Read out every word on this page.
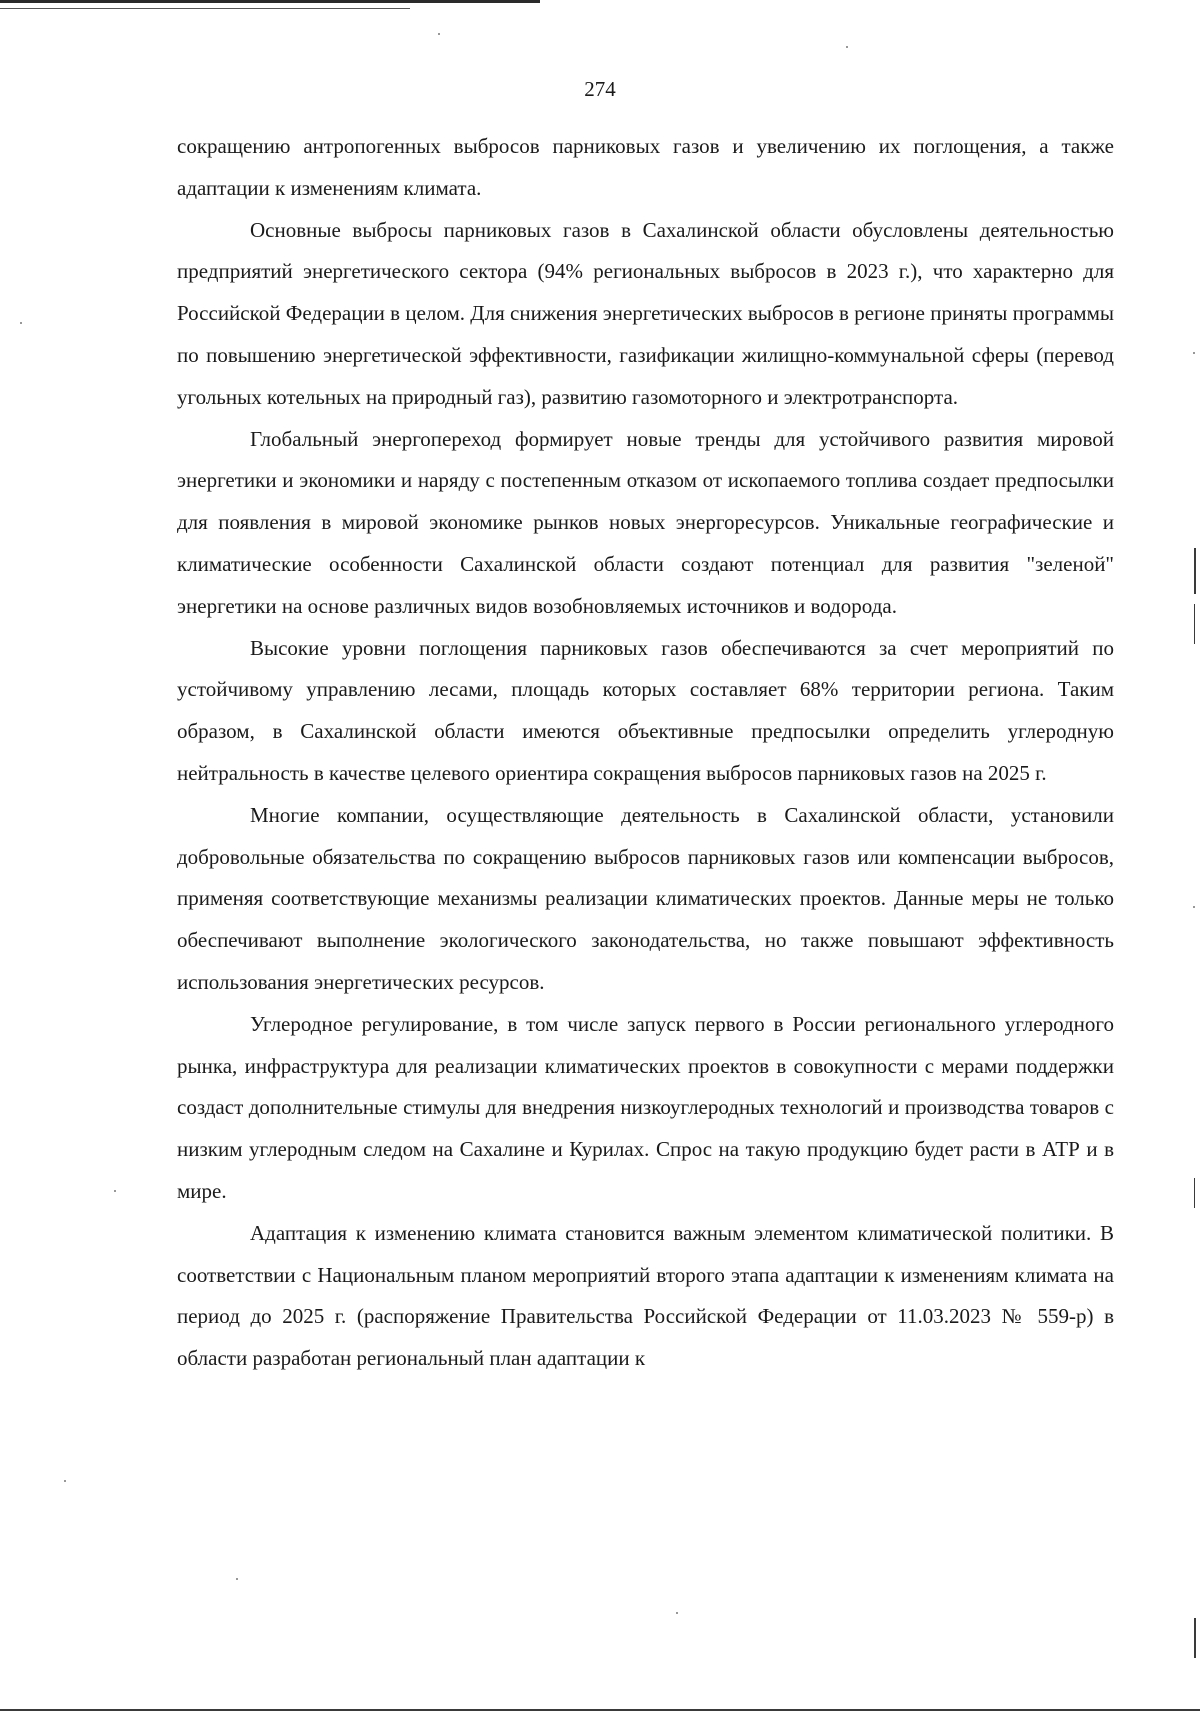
274

сокращению антропогенных выбросов парниковых газов и увеличению их поглощения, а также адаптации к изменениям климата.

Основные выбросы парниковых газов в Сахалинской области обусловлены деятельностью предприятий энергетического сектора (94% региональных выбросов в 2023 г.), что характерно для Российской Федерации в целом. Для снижения энергетических выбросов в регионе приняты программы по повышению энергетической эффективности, газификации жилищно-коммунальной сферы (перевод угольных котельных на природный газ), развитию газомоторного и электротранспорта.

Глобальный энергопереход формирует новые тренды для устойчивого развития мировой энергетики и экономики и наряду с постепенным отказом от ископаемого топлива создает предпосылки для появления в мировой экономике рынков новых энергоресурсов. Уникальные географические и климатические особенности Сахалинской области создают потенциал для развития "зеленой" энергетики на основе различных видов возобновляемых источников и водорода.

Высокие уровни поглощения парниковых газов обеспечиваются за счет мероприятий по устойчивому управлению лесами, площадь которых составляет 68% территории региона. Таким образом, в Сахалинской области имеются объективные предпосылки определить углеродную нейтральность в качестве целевого ориентира сокращения выбросов парниковых газов на 2025 г.

Многие компании, осуществляющие деятельность в Сахалинской области, установили добровольные обязательства по сокращению выбросов парниковых газов или компенсации выбросов, применяя соответствующие механизмы реализации климатических проектов. Данные меры не только обеспечивают выполнение экологического законодательства, но также повышают эффективность использования энергетических ресурсов.

Углеродное регулирование, в том числе запуск первого в России регионального углеродного рынка, инфраструктура для реализации климатических проектов в совокупности с мерами поддержки создаст дополнительные стимулы для внедрения низкоуглеродных технологий и производства товаров с низким углеродным следом на Сахалине и Курилах. Спрос на такую продукцию будет расти в АТР и в мире.

Адаптация к изменению климата становится важным элементом климатической политики. В соответствии с Национальным планом мероприятий второго этапа адаптации к изменениям климата на период до 2025 г. (распоряжение Правительства Российской Федерации от 11.03.2023 № 559-р) в области разработан региональный план адаптации к
